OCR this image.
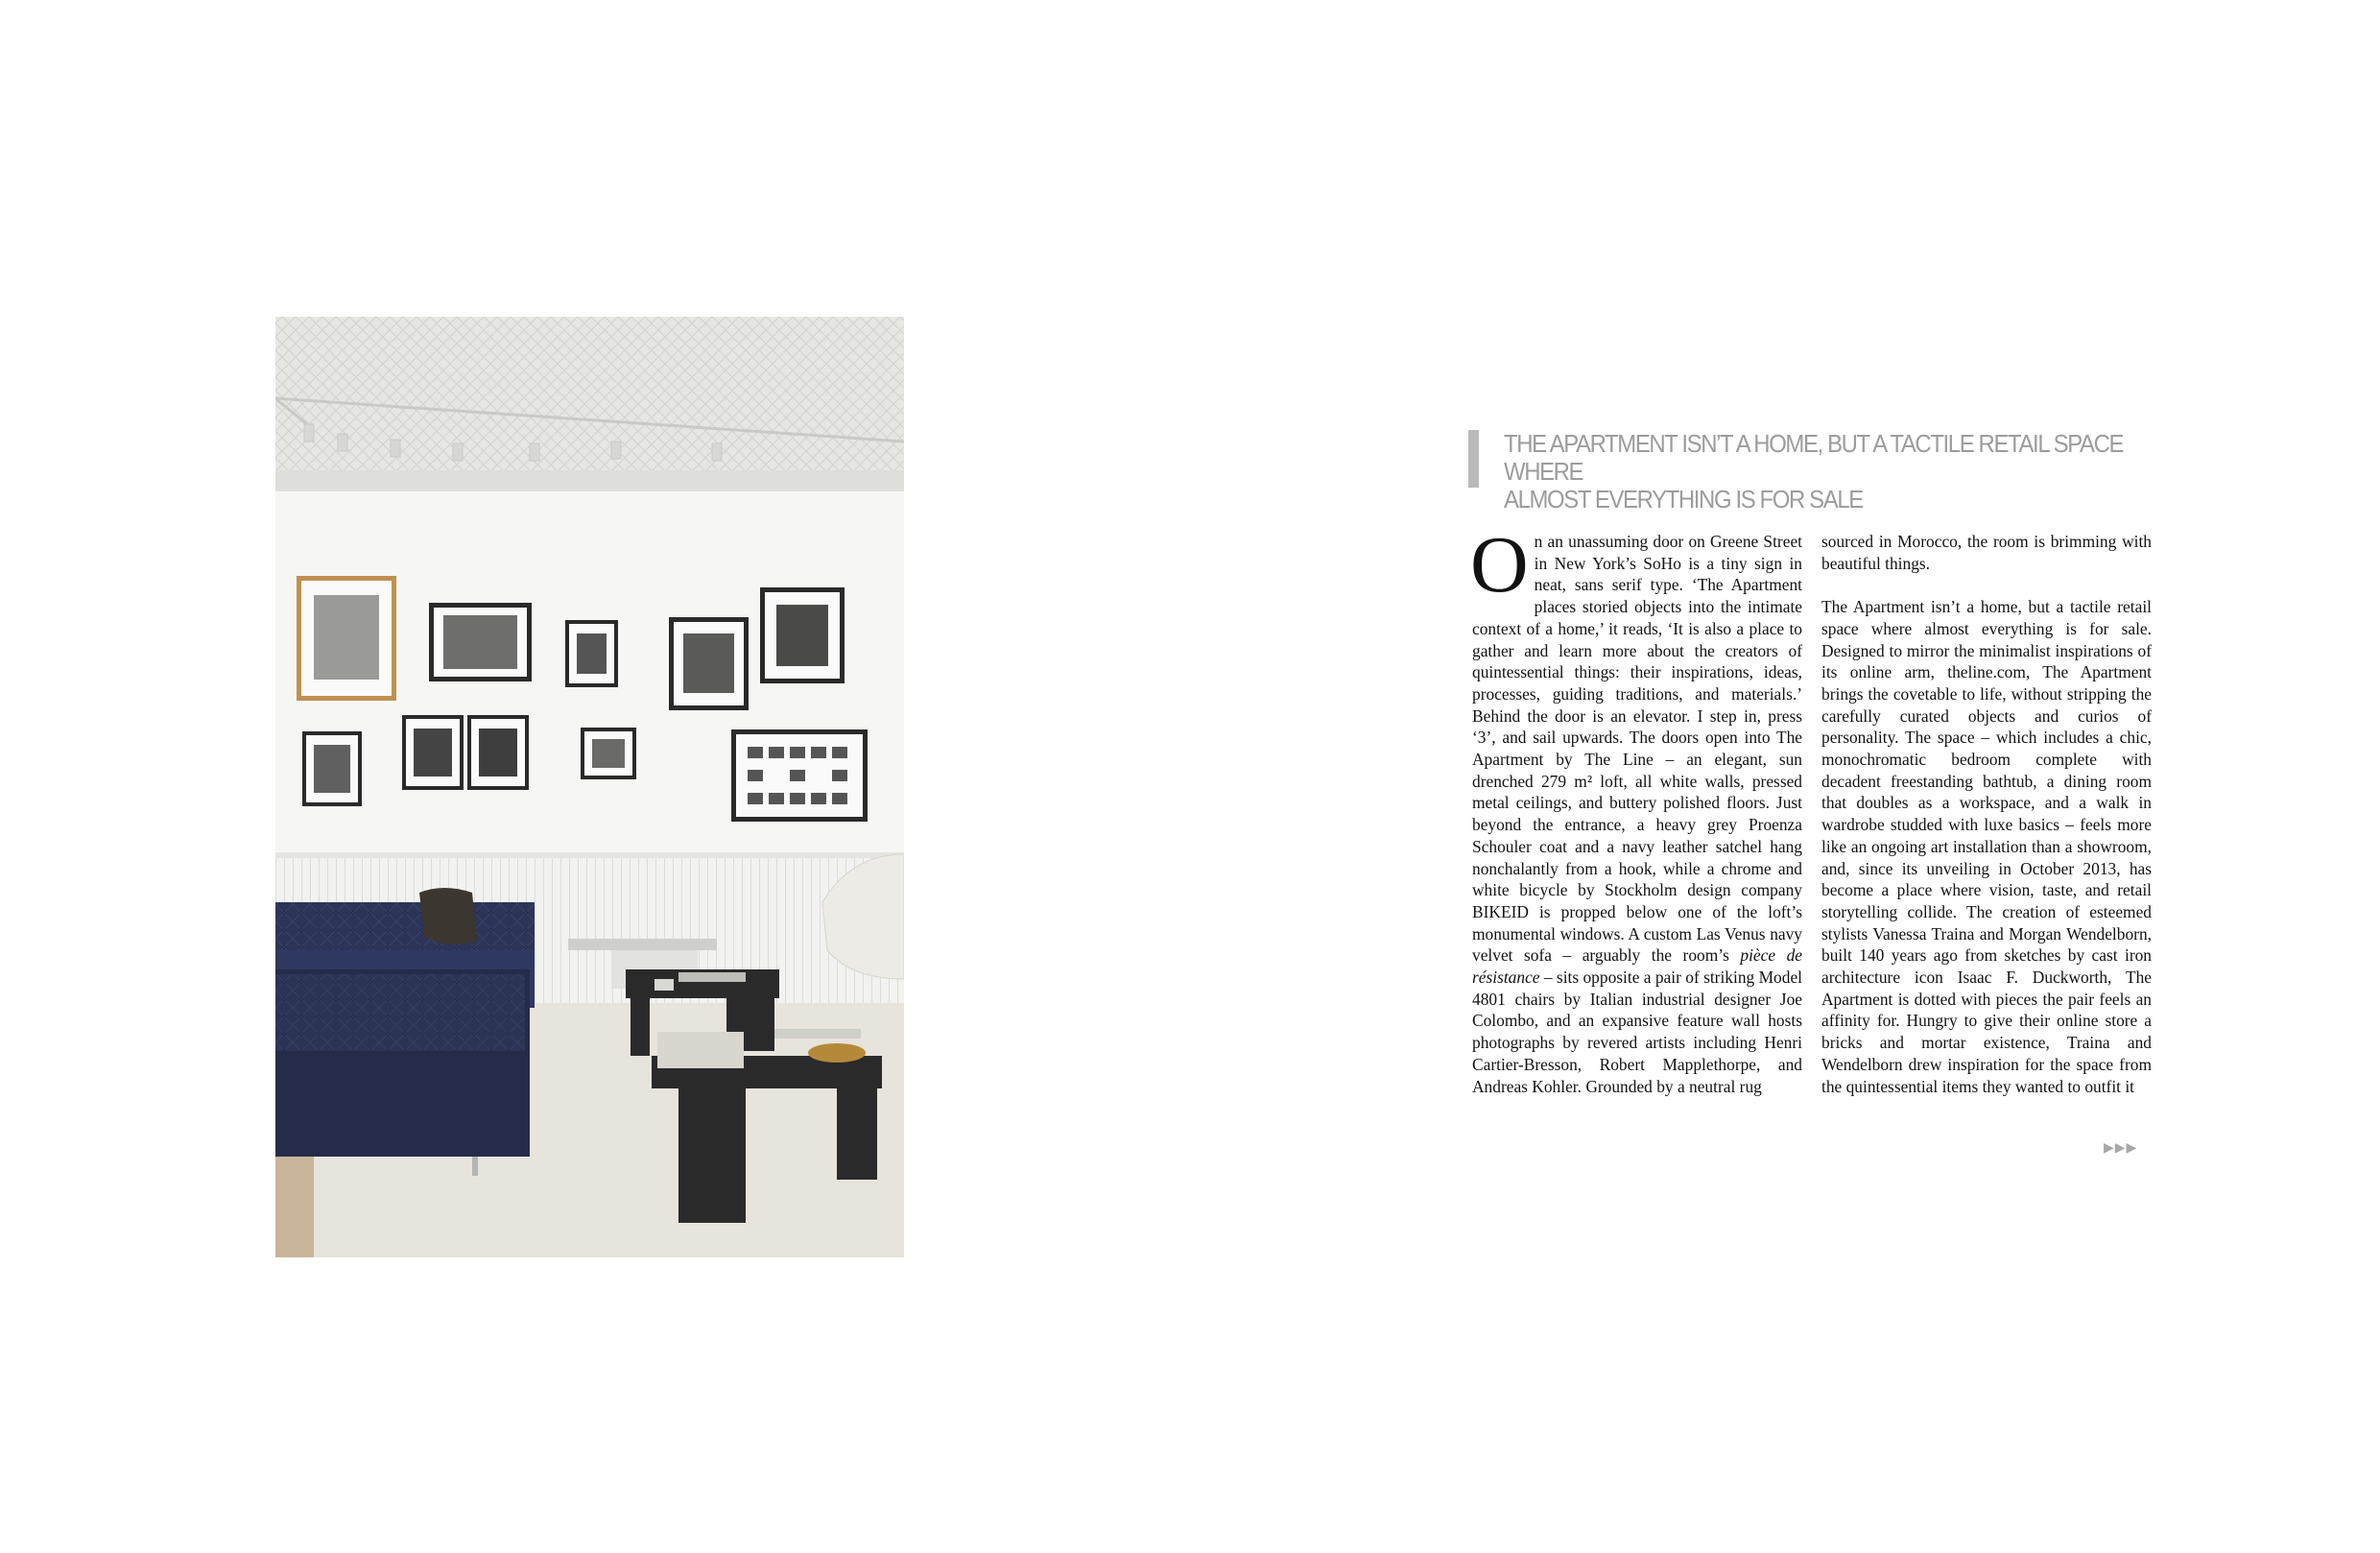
THE APARTMENT ISN’T A HOME, BUT A TACTILE RETAIL SPACE WHERE

ALMOST EVERYTHING IS FOR SALE

On an unassuming door on Greene Street in New York’s SoHo is a tiny sign in neat, sans serif type. ‘The Apartment places storied objects into the intimate context of a home,’ it reads, ‘It is also a place to gather and learn more about the creators of quintessential things: their inspirations, ideas, processes, guiding traditions, and materials.’ Behind the door is an elevator. I step in, press ‘3’, and sail upwards. The doors open into The Apartment by The Line – an elegant, sun drenched 279 m² loft, all white walls, pressed metal ceilings, and buttery polished floors. Just beyond the entrance, a heavy grey Proenza Schouler coat and a navy leather satchel hang nonchalantly from a hook, while a chrome and white bicycle by Stockholm design company BIKEID is propped below one of the loft’s monumental windows. A custom Las Venus navy velvet sofa – arguably the room’s pièce de résistance – sits opposite a pair of striking Model 4801 chairs by Italian industrial designer Joe Colombo, and an expansive feature wall hosts photographs by revered artists including Henri Cartier-Bresson, Robert Mapplethorpe, and Andreas Kohler. Grounded by a neutral rug

sourced in Morocco, the room is brimming with beautiful things.

The Apartment isn’t a home, but a tactile retail space where almost everything is for sale. Designed to mirror the minimalist inspirations of its online arm, theline.com, The Apartment brings the covetable to life, without stripping the carefully curated objects and curios of personality. The space – which includes a chic, monochromatic bedroom complete with decadent freestanding bathtub, a dining room that doubles as a workspace, and a walk in wardrobe studded with luxe basics – feels more like an ongoing art installation than a showroom, and, since its unveiling in October 2013, has become a place where vision, taste, and retail storytelling collide. The creation of esteemed stylists Vanessa Traina and Morgan Wendelborn, built 140 years ago from sketches by cast iron architecture icon Isaac F. Duckworth, The Apartment is dotted with pieces the pair feels an affinity for. Hungry to give their online store a bricks and mortar existence, Traina and Wendelborn drew inspiration for the space from the quintessential items they wanted to outfit it

▶▶▶
